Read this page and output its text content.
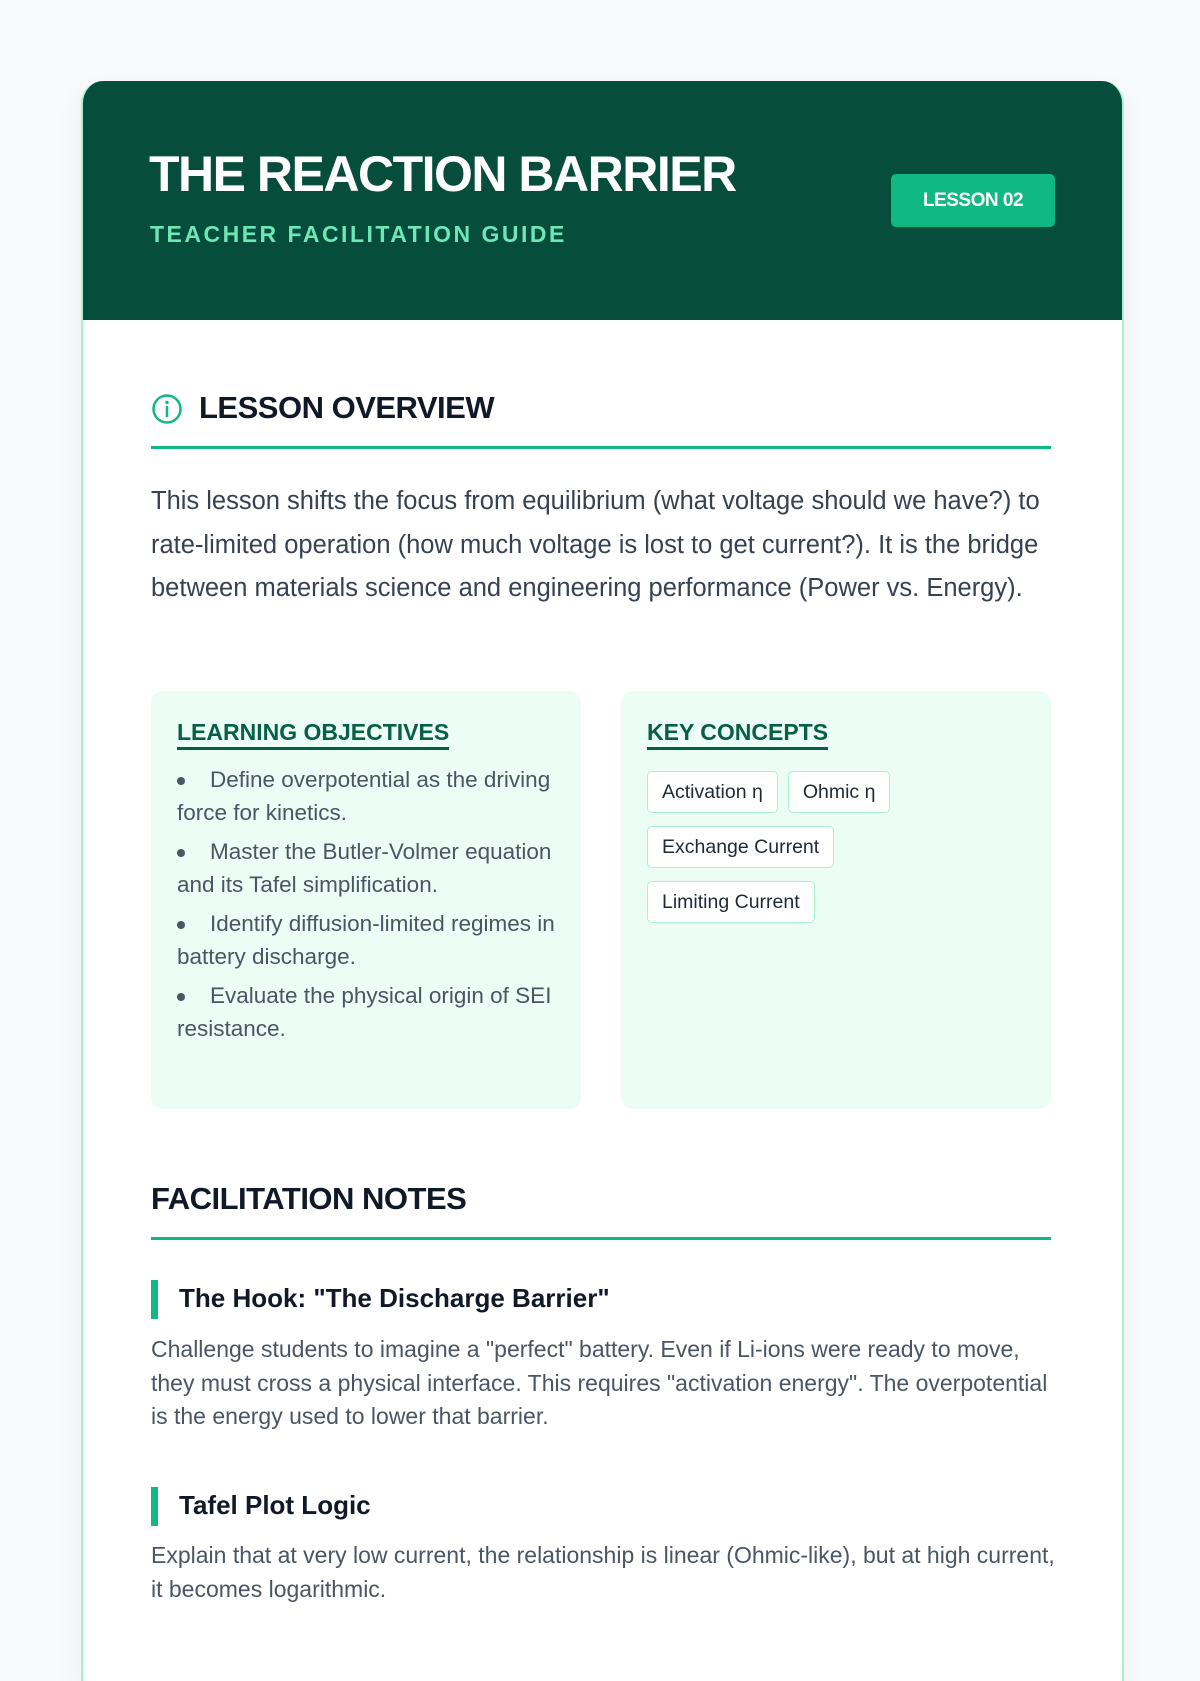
THE REACTION BARRIER
TEACHER FACILITATION GUIDE
LESSON 02
LESSON OVERVIEW
This lesson shifts the focus from equilibrium (what voltage should we have?) to rate-limited operation (how much voltage is lost to get current?). It is the bridge between materials science and engineering performance (Power vs. Energy).
LEARNING OBJECTIVES
Define overpotential as the driving force for kinetics.
Master the Butler-Volmer equation and its Tafel simplification.
Identify diffusion-limited regimes in battery discharge.
Evaluate the physical origin of SEI resistance.
KEY CONCEPTS
Activation η Ohmic η
Exchange Current
Limiting Current
FACILITATION NOTES
The Hook: "The Discharge Barrier"
Challenge students to imagine a "perfect" battery. Even if Li-ions were ready to move, they must cross a physical interface. This requires "activation energy". The overpotential is the energy used to lower that barrier.
Tafel Plot Logic
Explain that at very low current, the relationship is linear (Ohmic-like), but at high current, it becomes logarithmic.
